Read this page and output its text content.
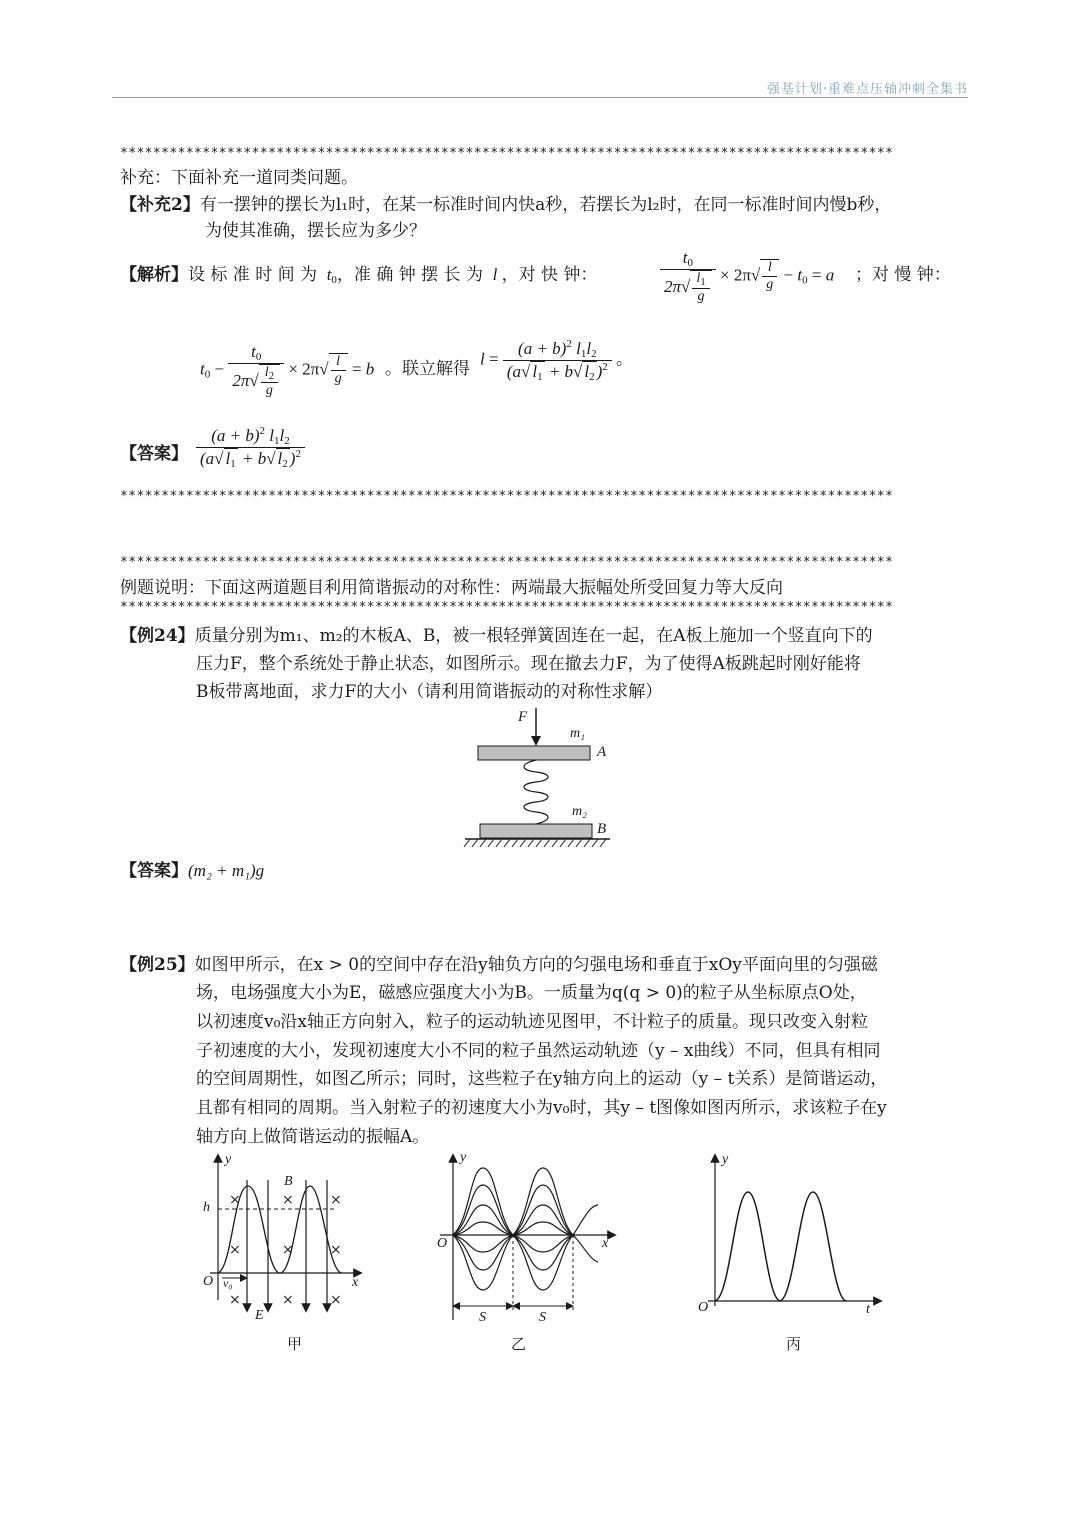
强基计划·重难点压轴冲刺全集书
**********************************************************************************************
补充：下面补充一道同类问题。
【补充2】有一摆钟的摆长为l₁时，在某一标准时间内快a秒，若摆长为l₂时，在同一标准时间内慢b秒，
为使其准确，摆长应为多少？
【解析】设 标 准 时 间 为  $t_0$，准 确 钟 摆 长 为  l ，对 快 钟：	$\frac{t_0}{2\pi√ \frac{l_1}{g}} \times 2\pi√ \frac{l}{g} - t_0 = a$ ；对 慢 钟：
$t_0 - \frac{t_0}{2\pi√ \frac{l_2}{g}} \times 2\pi√ \frac{l}{g} = b$ 。联立解得
$l = \frac{(a + b)^2 l_1l_2}{(a√ l_1 + b√ l_2 )^2}$ 。
【答案】 $\frac{(a + b)^2 l_1l_2}{(a√ l_1 + b√ l_2 )^2}$
**********************************************************************************************
**********************************************************************************************
例题说明：下面这两道题目利用简谐振动的对称性：两端最大振幅处所受回复力等大反向
**********************************************************************************************
【例24】质量分别为m₁、m₂的木板A、B，被一根轻弹簧固连在一起，在A板上施加一个竖直向下的
压力F，整个系统处于静止状态，如图所示。现在撤去力F，为了使得A板跳起时刚好能将
B板带离地面，求力F的大小（请利用简谐振动的对称性求解）
F
m₁
A
m₂
B
【答案】(m₂ + m₁)g
【例25】如图甲所示，在x > 0的空间中存在沿y轴负方向的匀强电场和垂直于xOy平面向里的匀强磁
场，电场强度大小为E，磁感应强度大小为B。一质量为q(q > 0)的粒子从坐标原点O处，
以初速度v₀沿x轴正方向射入，粒子的运动轨迹见图甲，不计粒子的质量。现只改变入射粒
子初速度的大小，发现初速度大小不同的粒子虽然运动轨迹（y – x曲线）不同，但具有相同
的空间周期性，如图乙所示；同时，这些粒子在y轴方向上的运动（y – t关系）是简谐运动，
且都有相同的周期。当入射粒子的初速度大小为v₀时，其y – t图像如图丙所示，求该粒子在y
轴方向上做简谐运动的振幅A。
y
x
h
O v₀
B
E
×
×
×
×
×
×
×
×
×
甲
y
x
O
S	S
乙
y
t
O
丙
